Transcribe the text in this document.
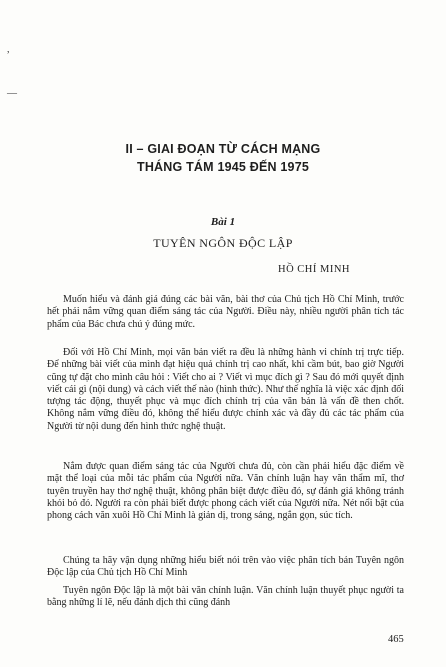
,
—
II – GIAI ĐOẠN TỪ CÁCH MẠNG
THÁNG TÁM 1945 ĐẾN 1975
Bài 1
TUYÊN NGÔN ĐỘC LẬP
HỒ CHÍ MINH

Muốn hiểu và đánh giá đúng các bài văn, bài thơ của Chủ tịch Hồ Chí Minh, trước hết phải nắm vững quan điểm sáng tác của Người. Điều này, nhiều người phân tích tác phẩm của Bác chưa chú ý đúng mức.

Đối với Hồ Chí Minh, mọi văn bản viết ra đều là những hành vi chính trị trực tiếp. Để những bài viết của mình đạt hiệu quả chính trị cao nhất, khi cầm bút, bao giờ Người cũng tự đặt cho mình câu hỏi : Viết cho ai ? Viết vì mục đích gì ? Sau đó mới quyết định viết cái gì (nội dung) và cách viết thế nào (hình thức). Như thế nghĩa là việc xác định đối tượng tác động, thuyết phục và mục đích chính trị của văn bản là vấn đề then chốt. Không nắm vững điều đó, không thể hiểu được chính xác và đầy đủ các tác phẩm của Người từ nội dung đến hình thức nghệ thuật.

Nắm được quan điểm sáng tác của Người chưa đủ, còn cần phải hiểu đặc điểm về mặt thể loại của mỗi tác phẩm của Người nữa. Văn chính luận hay văn thẩm mĩ, thơ tuyên truyền hay thơ nghệ thuật, không phân biệt được điều đó, sự đánh giá không tránh khỏi bỏ đó. Người ra còn phải biết được phong cách viết của Người nữa. Nét nổi bật của phong cách văn xuôi Hồ Chí Minh là giản dị, trong sáng, ngắn gọn, súc tích.

Chúng ta hãy vận dụng những hiểu biết nói trên vào việc phân tích bản Tuyên ngôn Độc lập của Chủ tịch Hồ Chí Minh

Tuyên ngôn Độc lập là một bài văn chính luận. Văn chính luận thuyết phục người ta bằng những lí lẽ, nếu đánh dịch thì cũng đánh

465
